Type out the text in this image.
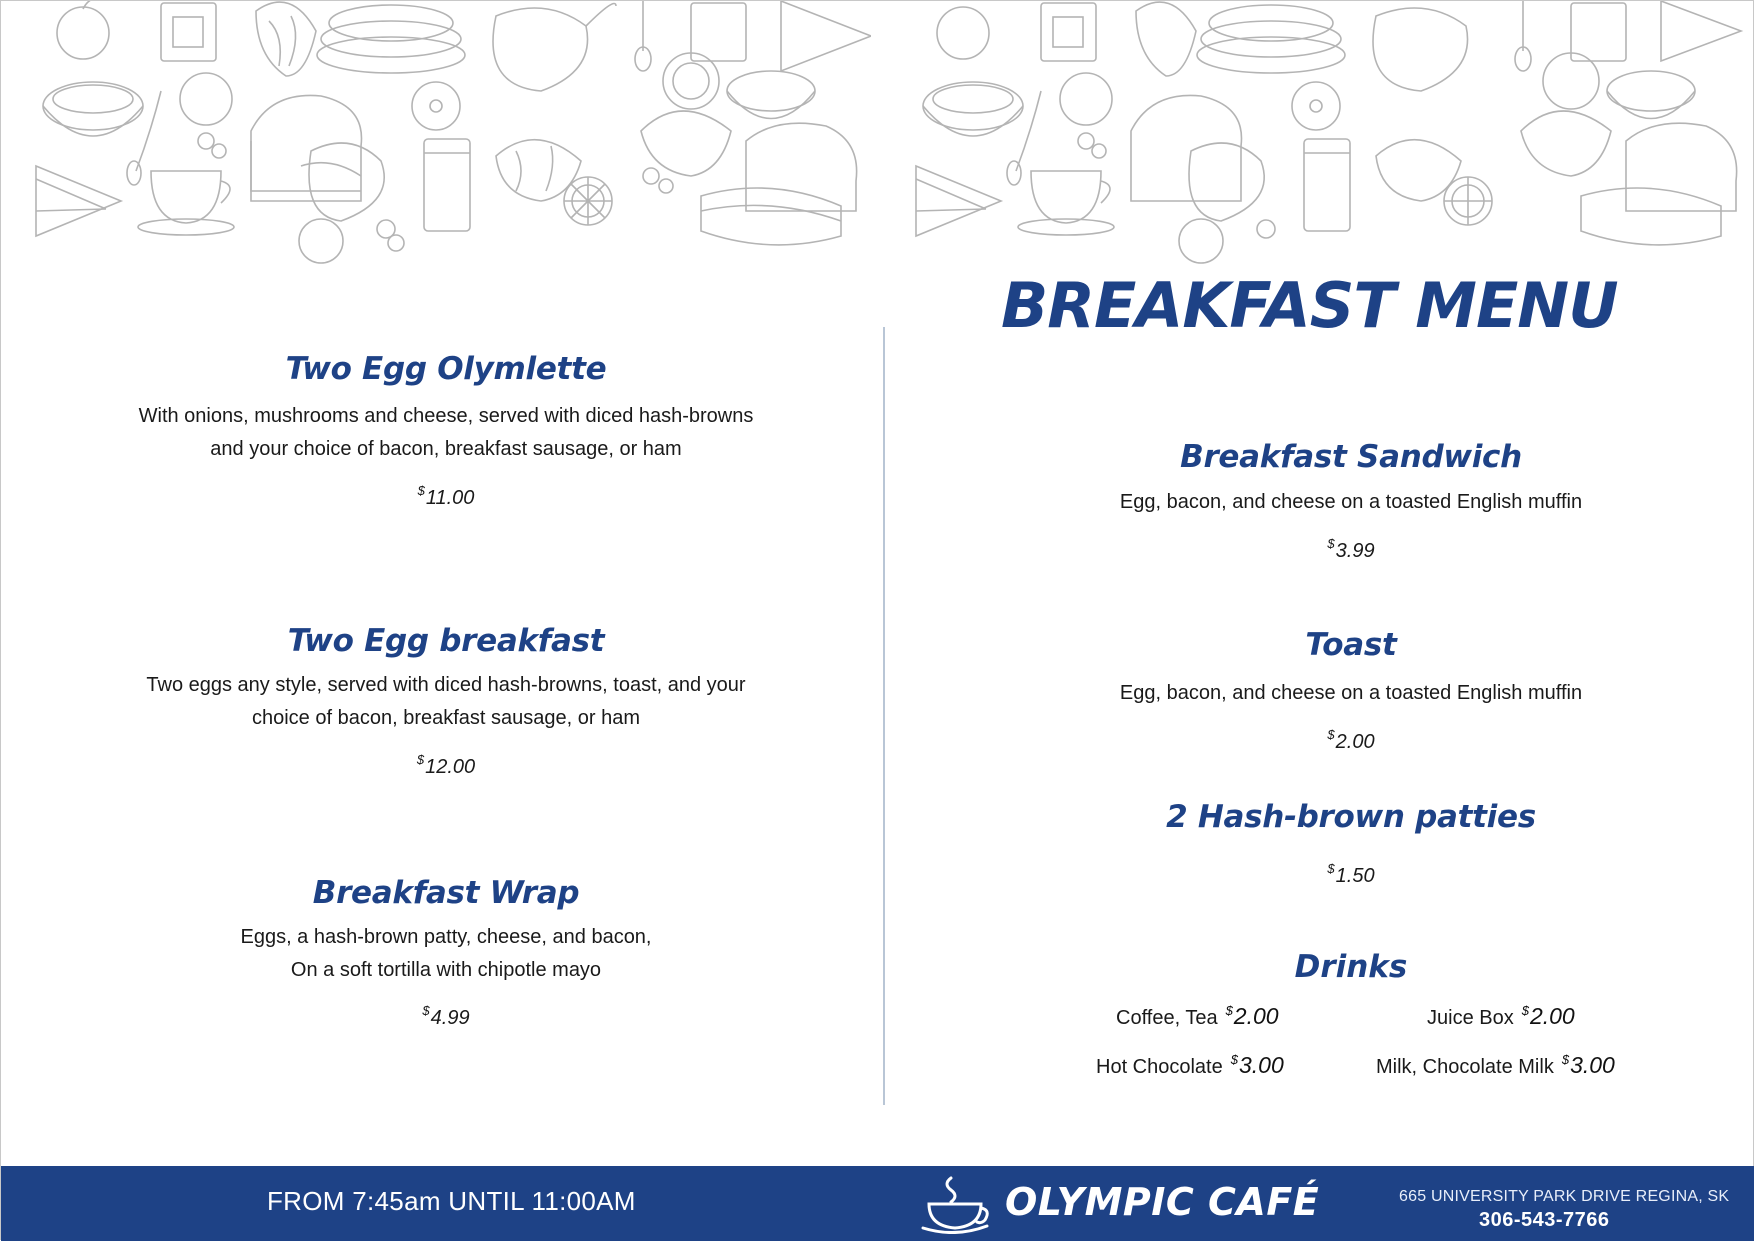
BREAKFAST MENU
Two Egg Olymlette

With onions, mushrooms and cheese, served with diced hash-browns
and your choice of bacon, breakfast sausage, or ham

$11.00

Two Egg breakfast

Two eggs any style, served with diced hash-browns, toast, and your
choice of bacon, breakfast sausage, or ham

$12.00

Breakfast Wrap

Eggs, a hash-brown patty, cheese, and bacon,
On a soft tortilla with chipotle mayo

$4.99

Breakfast Sandwich

Egg, bacon, and cheese on a toasted English muffin

$3.99

Toast

Egg, bacon, and cheese on a toasted English muffin

$2.00

2 Hash-brown patties

$1.50

Drinks
Coffee, Tea $2.00	Juice Box $2.00
Hot Chocolate $3.00	Milk, Chocolate Milk $3.00
FROM 7:45am UNTIL 11:00AM	OLYMPIC CAFÉ	665 UNIVERSITY PARK DRIVE REGINA, SK
306-543-7766
